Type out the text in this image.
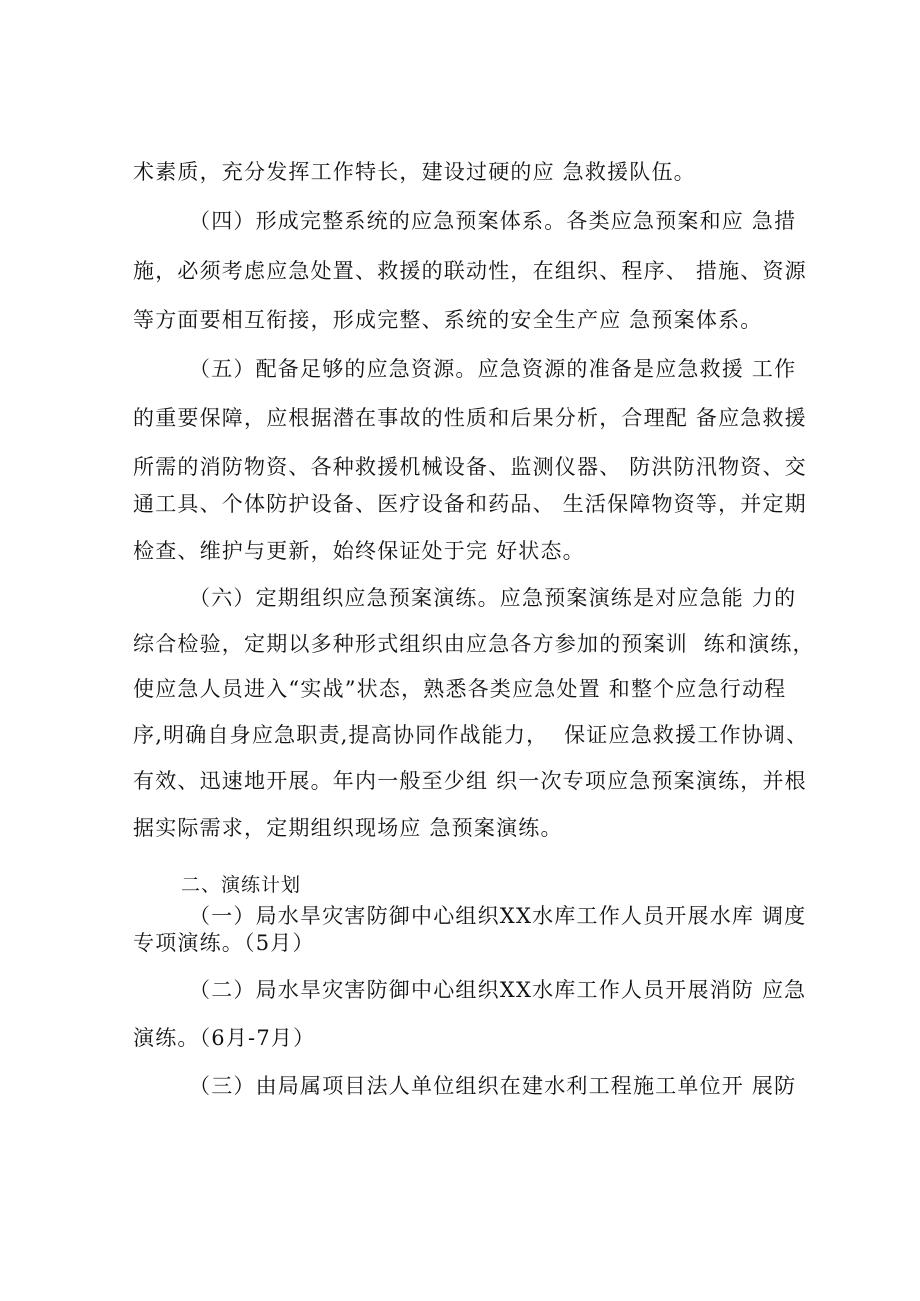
术素质，充分发挥工作特长，建设过硬的应 急救援队伍。
（四）形成完整系统的应急预案体系。各类应急预案和应 急措
施，必须考虑应急处置、救援的联动性，在组织、程序、 措施、资源
等方面要相互衔接，形成完整、系统的安全生产应 急预案体系。
（五）配备足够的应急资源。应急资源的准备是应急救援 工作
的重要保障，应根据潜在事故的性质和后果分析，合理配 备应急救援
所需的消防物资、各种救援机械设备、监测仪器、 防洪防汛物资、交
通工具、个体防护设备、医疗设备和药品、 生活保障物资等，并定期
检查、维护与更新，始终保证处于完 好状态。
（六）定期组织应急预案演练。应急预案演练是对应急能 力的
综合检验，定期以多种形式组织由应急各方参加的预案训  练和演练，
使应急人员进入“实战”状态，熟悉各类应急处置 和整个应急行动程
序,明确自身应急职责,提高协同作战能力，  保证应急救援工作协调、
有效、迅速地开展。年内一般至少组 织一次专项应急预案演练，并根
据实际需求，定期组织现场应 急预案演练。
二、演练计划
（一）局水旱灾害防御中心组织XX水库工作人员开展水库 调度
专项演练。（5月）
（二）局水旱灾害防御中心组织XX水库工作人员开展消防 应急
演练。（6月-7月）
（三）由局属项目法人单位组织在建水利工程施工单位开 展防
